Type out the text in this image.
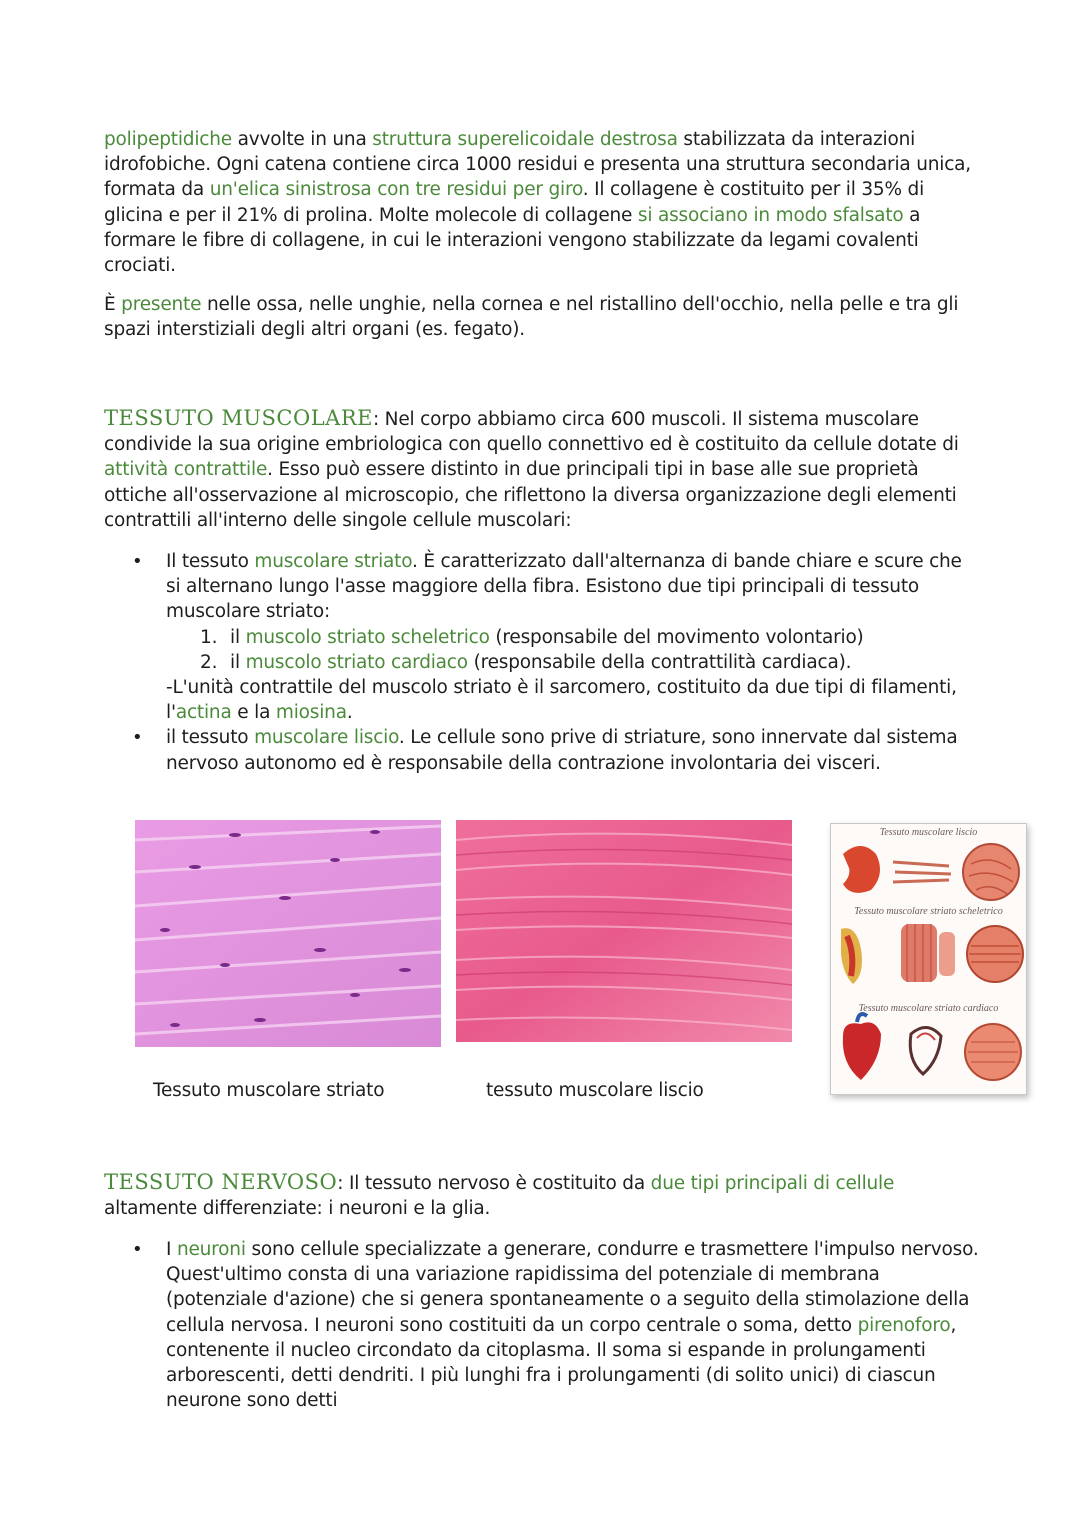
polipeptidiche avvolte in una struttura superelicoidale destrosa stabilizzata da interazioni idrofobiche. Ogni catena contiene circa 1000 residui e presenta una struttura secondaria unica, formata da un'elica sinistrosa con tre residui per giro. Il collagene è costituito per il 35% di glicina e per il 21% di prolina. Molte molecole di collagene si associano in modo sfalsato a formare le fibre di collagene, in cui le interazioni vengono stabilizzate da legami covalenti crociati.

È presente nelle ossa, nelle unghie, nella cornea e nel ristallino dell'occhio, nella pelle e tra gli spazi interstiziali degli altri organi (es. fegato).

TESSUTO MUSCOLARE: Nel corpo abbiamo circa 600 muscoli. Il sistema muscolare condivide la sua origine embriologica con quello connettivo ed è costituito da cellule dotate di attività contrattile. Esso può essere distinto in due principali tipi in base alle sue proprietà ottiche all'osservazione al microscopio, che riflettono la diversa organizzazione degli elementi contrattili all'interno delle singole cellule muscolari:

• Il tessuto muscolare striato. È caratterizzato dall'alternanza di bande chiare e scure che si alternano lungo l'asse maggiore della fibra. Esistono due tipi principali di tessuto muscolare striato:
1. il muscolo striato scheletrico (responsabile del movimento volontario)
2. il muscolo striato cardiaco (responsabile della contrattilità cardiaca).
-L'unità contrattile del muscolo striato è il sarcomero, costituito da due tipi di filamenti, l'actina e la miosina.
• il tessuto muscolare liscio. Le cellule sono prive di striature, sono innervate dal sistema nervoso autonomo ed è responsabile della contrazione involontaria dei visceri.
Tessuto muscolare liscio
Tessuto muscolare striato scheletrico
Tessuto muscolare striato cardiaco
Tessuto muscolare striato	tessuto muscolare liscio

TESSUTO NERVOSO: Il tessuto nervoso è costituito da due tipi principali di cellule altamente differenziate: i neuroni e la glia.

• I neuroni sono cellule specializzate a generare, condurre e trasmettere l'impulso nervoso. Quest'ultimo consta di una variazione rapidissima del potenziale di membrana (potenziale d'azione) che si genera spontaneamente o a seguito della stimolazione della cellula nervosa. I neuroni sono costituiti da un corpo centrale o soma, detto pirenoforo, contenente il nucleo circondato da citoplasma. Il soma si espande in prolungamenti arborescenti, detti dendriti. I più lunghi fra i prolungamenti (di solito unici) di ciascun neurone sono detti
